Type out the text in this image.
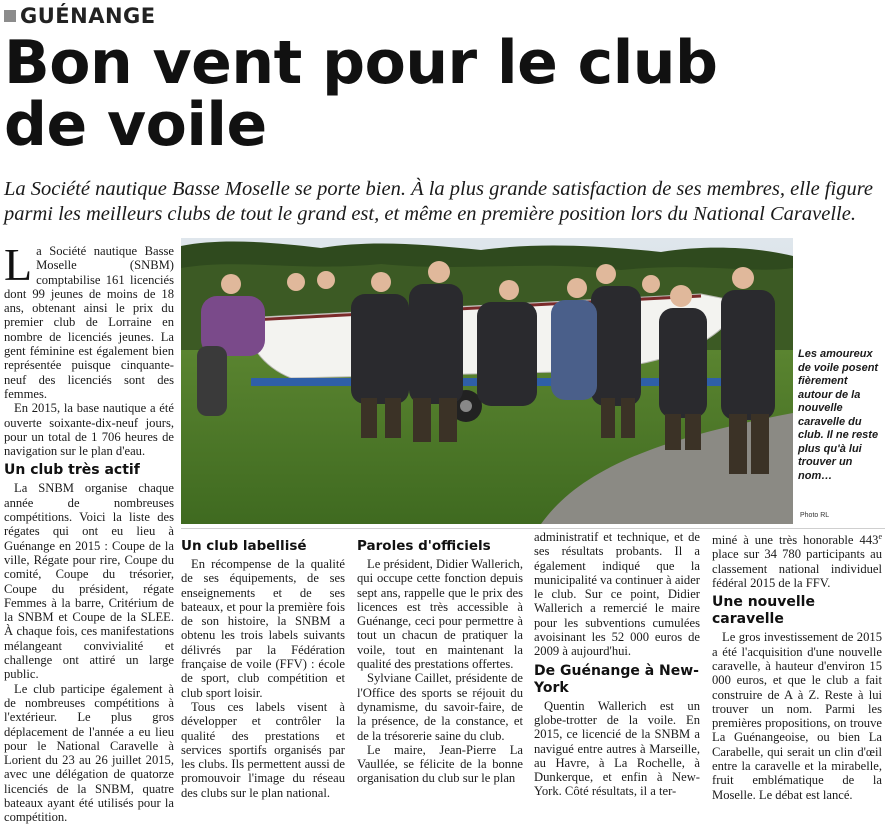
GUÉNANGE
Bon vent pour le club
de voile

La Société nautique Basse Moselle se porte bien. À la plus grande satisfaction de ses membres, elle figure parmi les meilleurs clubs de tout le grand est, et même en première position lors du National Caravelle.

La Société nautique Basse Moselle (SNBM) comptabilise 161 licenciés dont 99 jeunes de moins de 18 ans, obtenant ainsi le prix du premier club de Lorraine en nombre de licenciés jeunes. La gent féminine est également bien représentée puisque cinquante-neuf des licenciés sont des femmes.

En 2015, la base nautique a été ouverte soixante-dix-neuf jours, pour un total de 1 706 heures de navigation sur le plan d'eau.

Un club très actif

La SNBM organise chaque année de nombreuses compétitions. Voici la liste des régates qui ont eu lieu à Guénange en 2015 : Coupe de la ville, Régate pour rire, Coupe du comité, Coupe du trésorier, Coupe du président, régate Femmes à la barre, Critérium de la SNBM et Coupe de la SLEE. À chaque fois, ces manifestations mélangeant convivialité et challenge ont attiré un large public.

Le club participe également à de nombreuses compétitions à l'extérieur. Le plus gros déplacement de l'année a eu lieu pour le National Caravelle à Lorient du 23 au 26 juillet 2015, avec une délégation de quatorze licenciés de la SNBM, quatre bateaux ayant été utilisés pour la compétition.

Les amoureux de voile posent fièrement autour de la nouvelle caravelle du club. Il ne reste plus qu'à lui trouver un nom…
Photo RL
Un club labellisé

En récompense de la qualité de ses équipements, de ses enseignements et de ses bateaux, et pour la première fois de son histoire, la SNBM a obtenu les trois labels suivants délivrés par la Fédération française de voile (FFV) : école de sport, club compétition et club sport loisir.

Tous ces labels visent à développer et contrôler la qualité des prestations et services sportifs organisés par les clubs. Ils permettent aussi de promouvoir l'image du réseau des clubs sur le plan national.

Paroles d'officiels

Le président, Didier Wallerich, qui occupe cette fonction depuis sept ans, rappelle que le prix des licences est très accessible à Guénange, ceci pour permettre à tout un chacun de pratiquer la voile, tout en maintenant la qualité des prestations offertes.

Sylviane Caillet, présidente de l'Office des sports se réjouit du dynamisme, du savoir-faire, de la présence, de la constance, et de la trésorerie saine du club.

Le maire, Jean-Pierre La Vaullée, se félicite de la bonne organisation du club sur le plan

administratif et technique, et de ses résultats probants. Il a également indiqué que la municipalité va continuer à aider le club. Sur ce point, Didier Wallerich a remercié le maire pour les subventions cumulées avoisinant les 52 000 euros de 2009 à aujourd'hui.

De Guénange à New-York

Quentin Wallerich est un globe-trotter de la voile. En 2015, ce licencié de la SNBM a navigué entre autres à Marseille, au Havre, à La Rochelle, à Dunkerque, et enfin à New-York. Côté résultats, il a ter-

miné à une très honorable 443e place sur 34 780 participants au classement national individuel fédéral 2015 de la FFV.

Une nouvelle caravelle

Le gros investissement de 2015 a été l'acquisition d'une nouvelle caravelle, à hauteur d'environ 15 000 euros, et que le club a fait construire de A à Z. Reste à lui trouver un nom. Parmi les premières propositions, on trouve La Guénangeoise, ou bien La Carabelle, qui serait un clin d'œil entre la caravelle et la mirabelle, fruit emblématique de la Moselle. Le débat est lancé.
